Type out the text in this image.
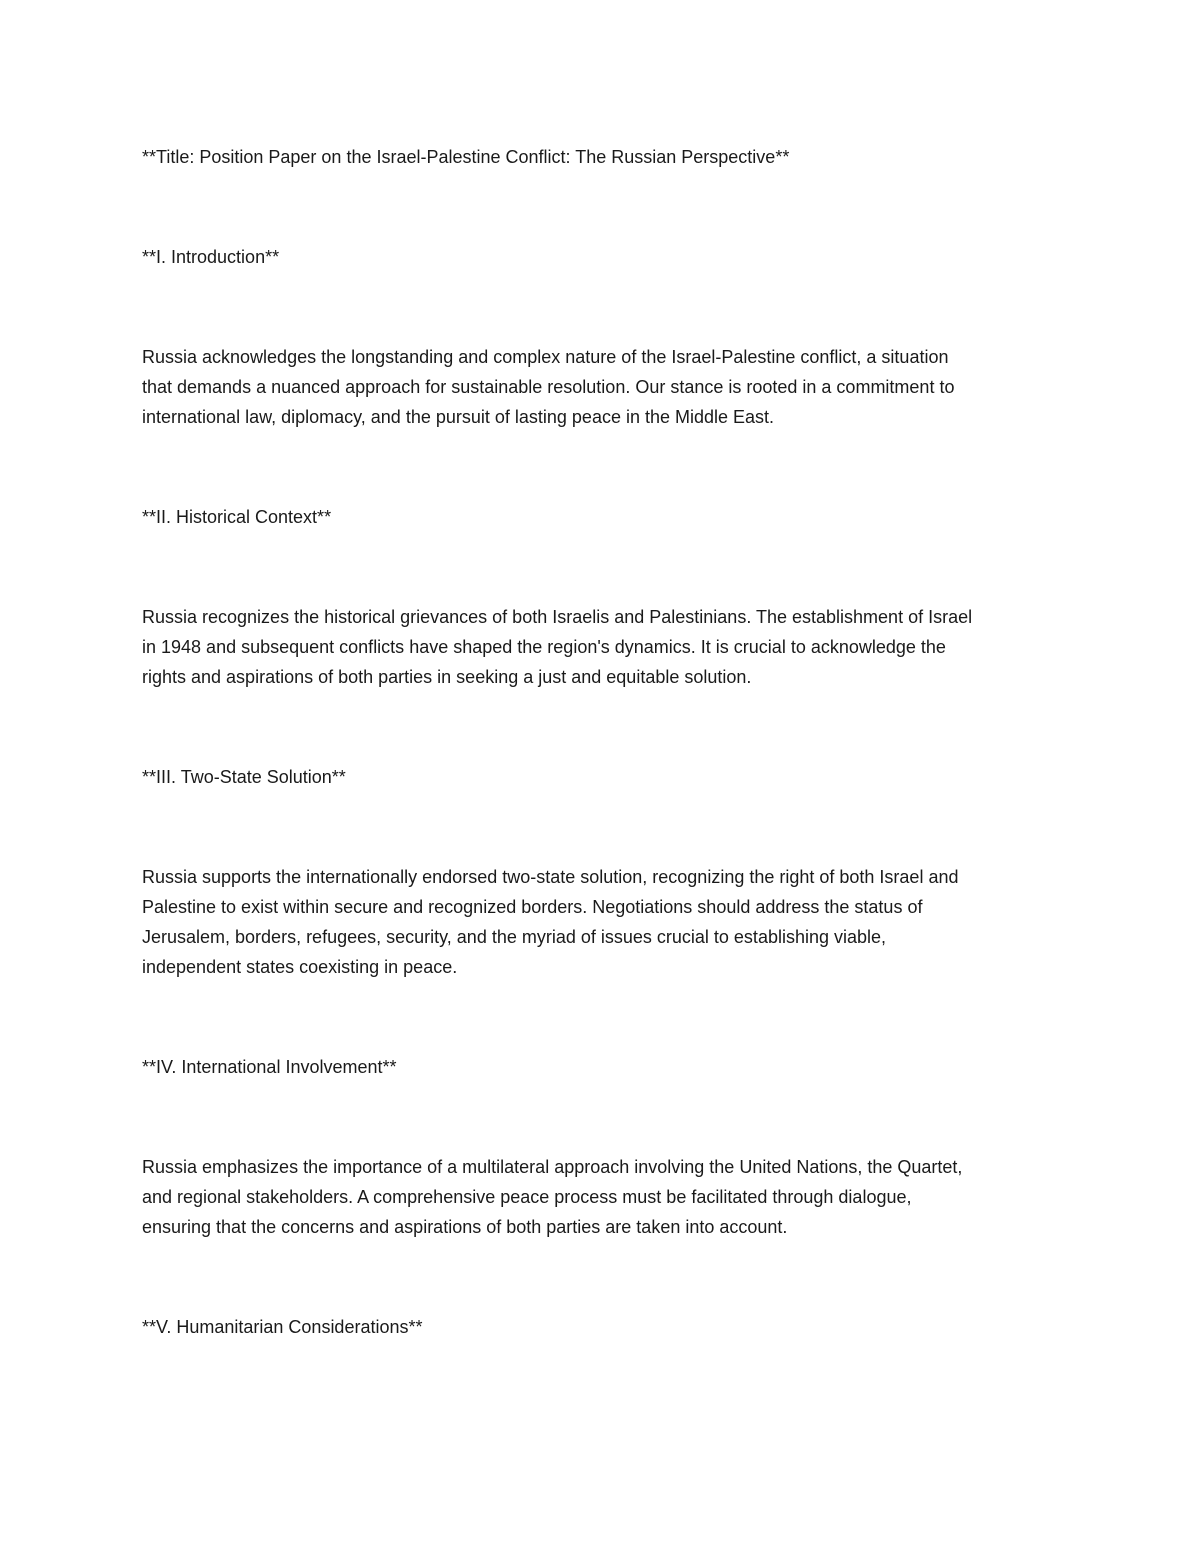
**Title: Position Paper on the Israel-Palestine Conflict: The Russian Perspective**

**I. Introduction**

Russia acknowledges the longstanding and complex nature of the Israel-Palestine conflict, a situation

that demands a nuanced approach for sustainable resolution. Our stance is rooted in a commitment to

international law, diplomacy, and the pursuit of lasting peace in the Middle East.

**II. Historical Context**

Russia recognizes the historical grievances of both Israelis and Palestinians. The establishment of Israel

in 1948 and subsequent conflicts have shaped the region's dynamics. It is crucial to acknowledge the

rights and aspirations of both parties in seeking a just and equitable solution.

**III. Two-State Solution**

Russia supports the internationally endorsed two-state solution, recognizing the right of both Israel and

Palestine to exist within secure and recognized borders. Negotiations should address the status of

Jerusalem, borders, refugees, security, and the myriad of issues crucial to establishing viable,

independent states coexisting in peace.

**IV. International Involvement**

Russia emphasizes the importance of a multilateral approach involving the United Nations, the Quartet,

and regional stakeholders. A comprehensive peace process must be facilitated through dialogue,

ensuring that the concerns and aspirations of both parties are taken into account.

**V. Humanitarian Considerations**
